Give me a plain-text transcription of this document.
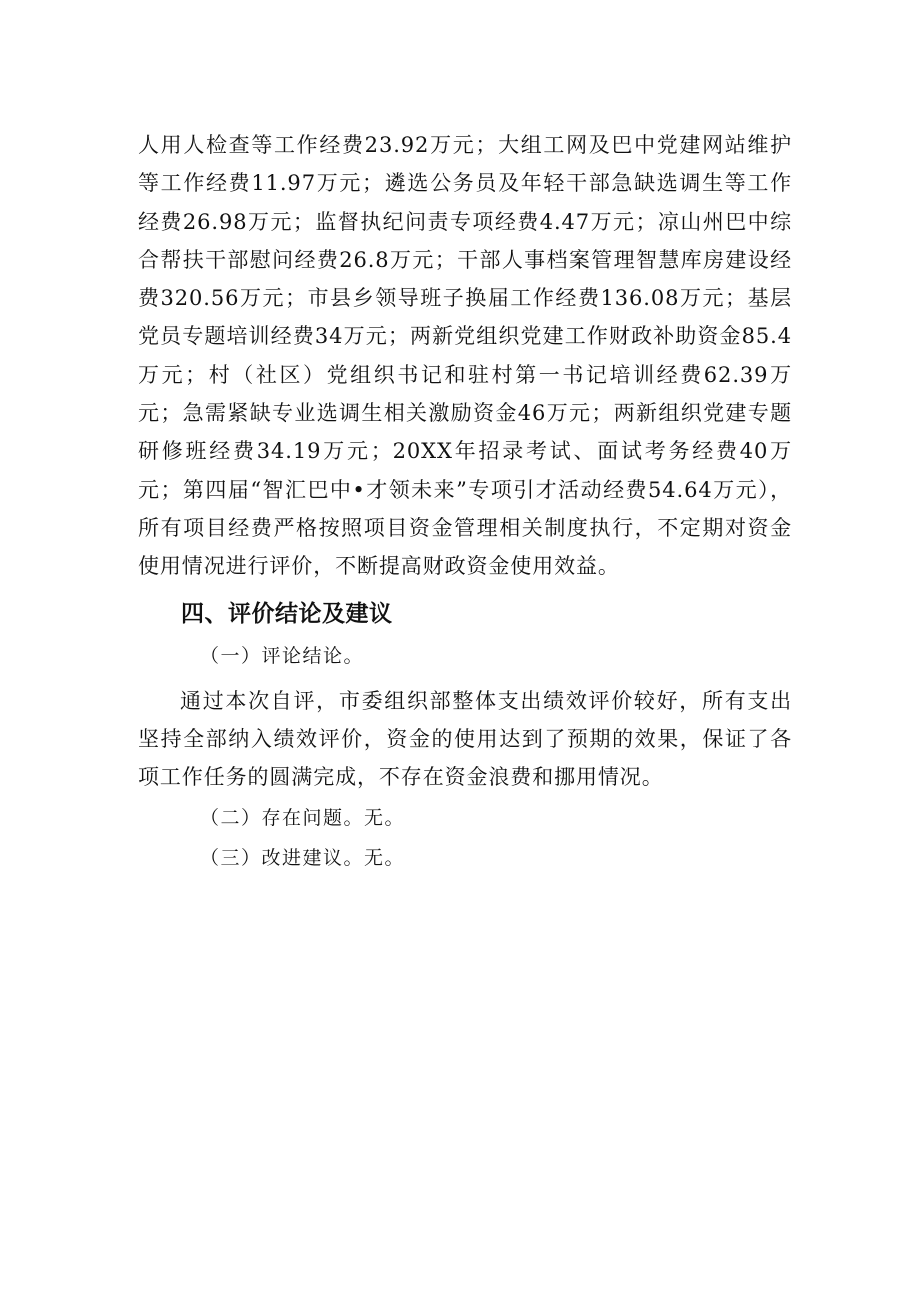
人用人检查等工作经费23.92万元；大组工网及巴中党建网站维护等工作经费11.97万元；遴选公务员及年轻干部急缺选调生等工作经费26.98万元；监督执纪问责专项经费4.47万元；凉山州巴中综合帮扶干部慰问经费26.8万元；干部人事档案管理智慧库房建设经费320.56万元；市县乡领导班子换届工作经费136.08万元；基层党员专题培训经费34万元；两新党组织党建工作财政补助资金85.4万元；村（社区）党组织书记和驻村第一书记培训经费62.39万元；急需紧缺专业选调生相关激励资金46万元；两新组织党建专题研修班经费34.19万元；20XX年招录考试、面试考务经费40万元；第四届“智汇巴中•才领未来”专项引才活动经费54.64万元），所有项目经费严格按照项目资金管理相关制度执行，不定期对资金使用情况进行评价，不断提高财政资金使用效益。

四、评价结论及建议

（一）评论结论。

通过本次自评，市委组织部整体支出绩效评价较好，所有支出坚持全部纳入绩效评价，资金的使用达到了预期的效果，保证了各项工作任务的圆满完成，不存在资金浪费和挪用情况。

（二）存在问题。无。

（三）改进建议。无。
